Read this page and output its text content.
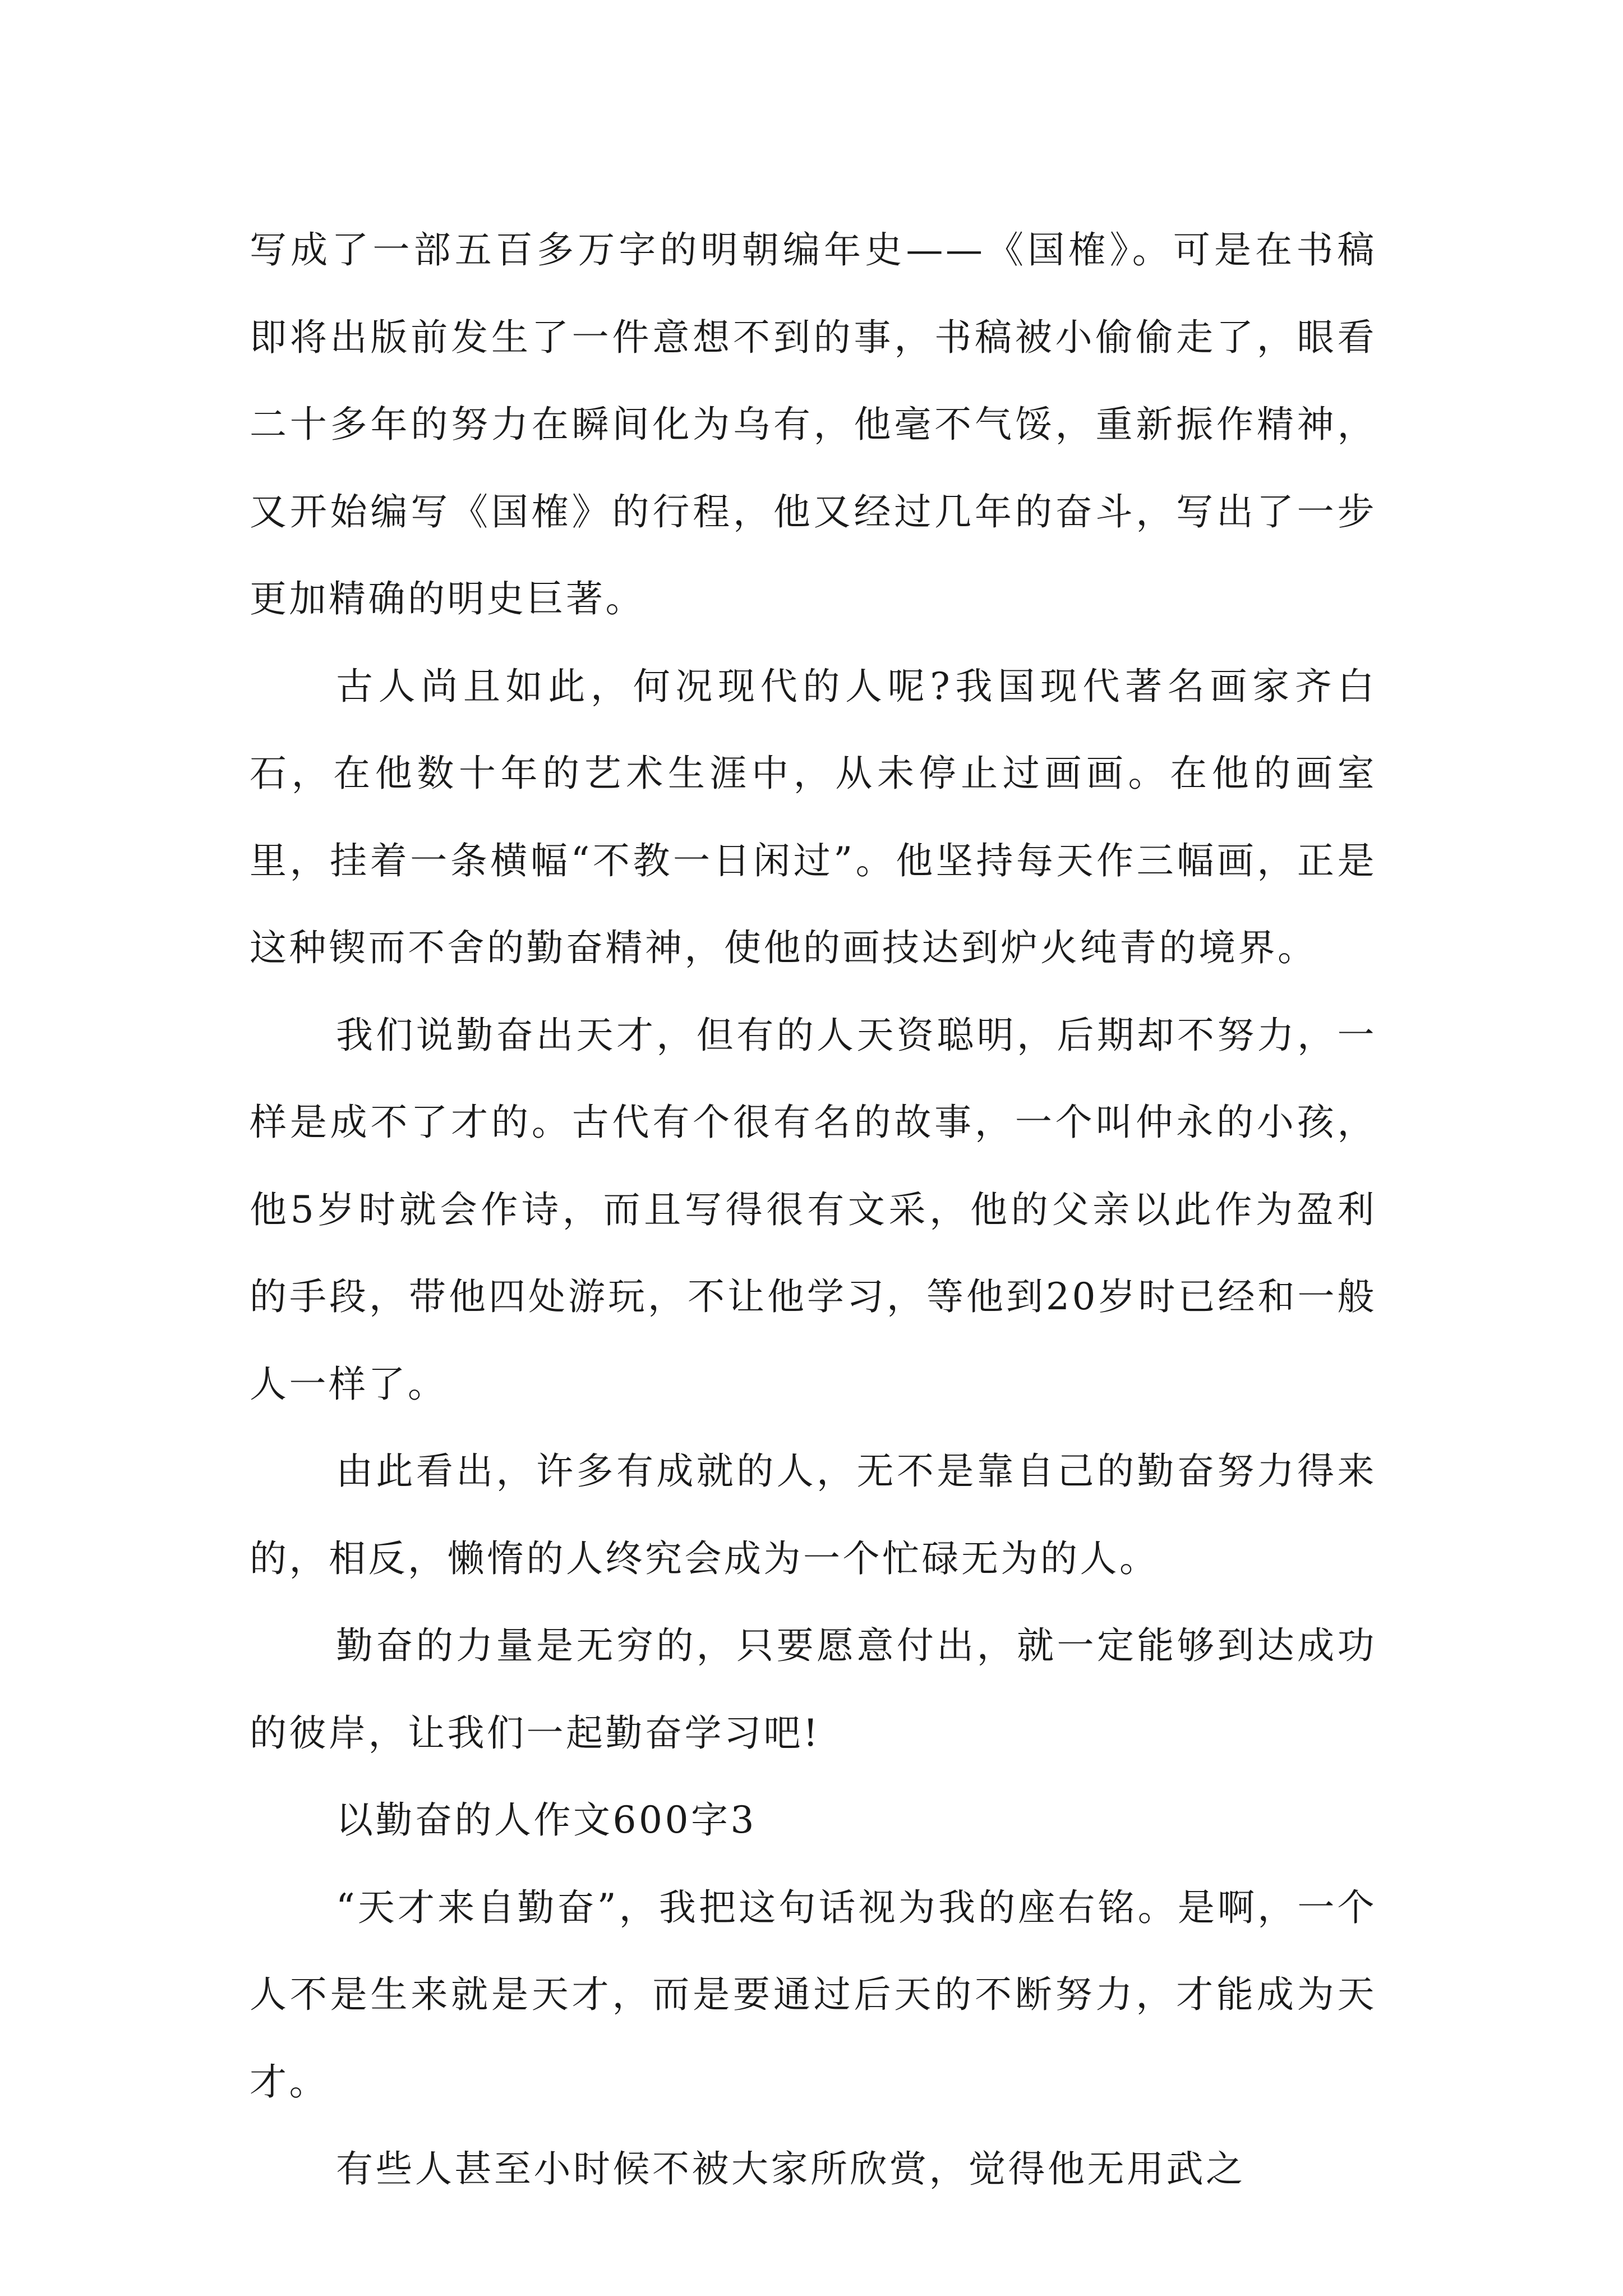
写成了一部五百多万字的明朝编年史——《国榷》。可是在书稿即将出版前发生了一件意想不到的事，书稿被小偷偷走了，眼看二十多年的努力在瞬间化为乌有，他毫不气馁，重新振作精神，又开始编写《国榷》的行程，他又经过几年的奋斗，写出了一步更加精确的明史巨著。

古人尚且如此，何况现代的人呢?我国现代著名画家齐白石，在他数十年的艺术生涯中，从未停止过画画。在他的画室里，挂着一条横幅“不教一日闲过”。他坚持每天作三幅画，正是这种锲而不舍的勤奋精神，使他的画技达到炉火纯青的境界。

我们说勤奋出天才，但有的人天资聪明，后期却不努力，一样是成不了才的。古代有个很有名的故事，一个叫仲永的小孩，他5岁时就会作诗，而且写得很有文采，他的父亲以此作为盈利的手段，带他四处游玩，不让他学习，等他到20岁时已经和一般人一样了。

由此看出，许多有成就的人，无不是靠自己的勤奋努力得来的，相反，懒惰的人终究会成为一个忙碌无为的人。

勤奋的力量是无穷的，只要愿意付出，就一定能够到达成功的彼岸，让我们一起勤奋学习吧!

以勤奋的人作文600字3

“天才来自勤奋”，我把这句话视为我的座右铭。是啊，一个人不是生来就是天才，而是要通过后天的不断努力，才能成为天才。

有些人甚至小时候不被大家所欣赏，觉得他无用武之
